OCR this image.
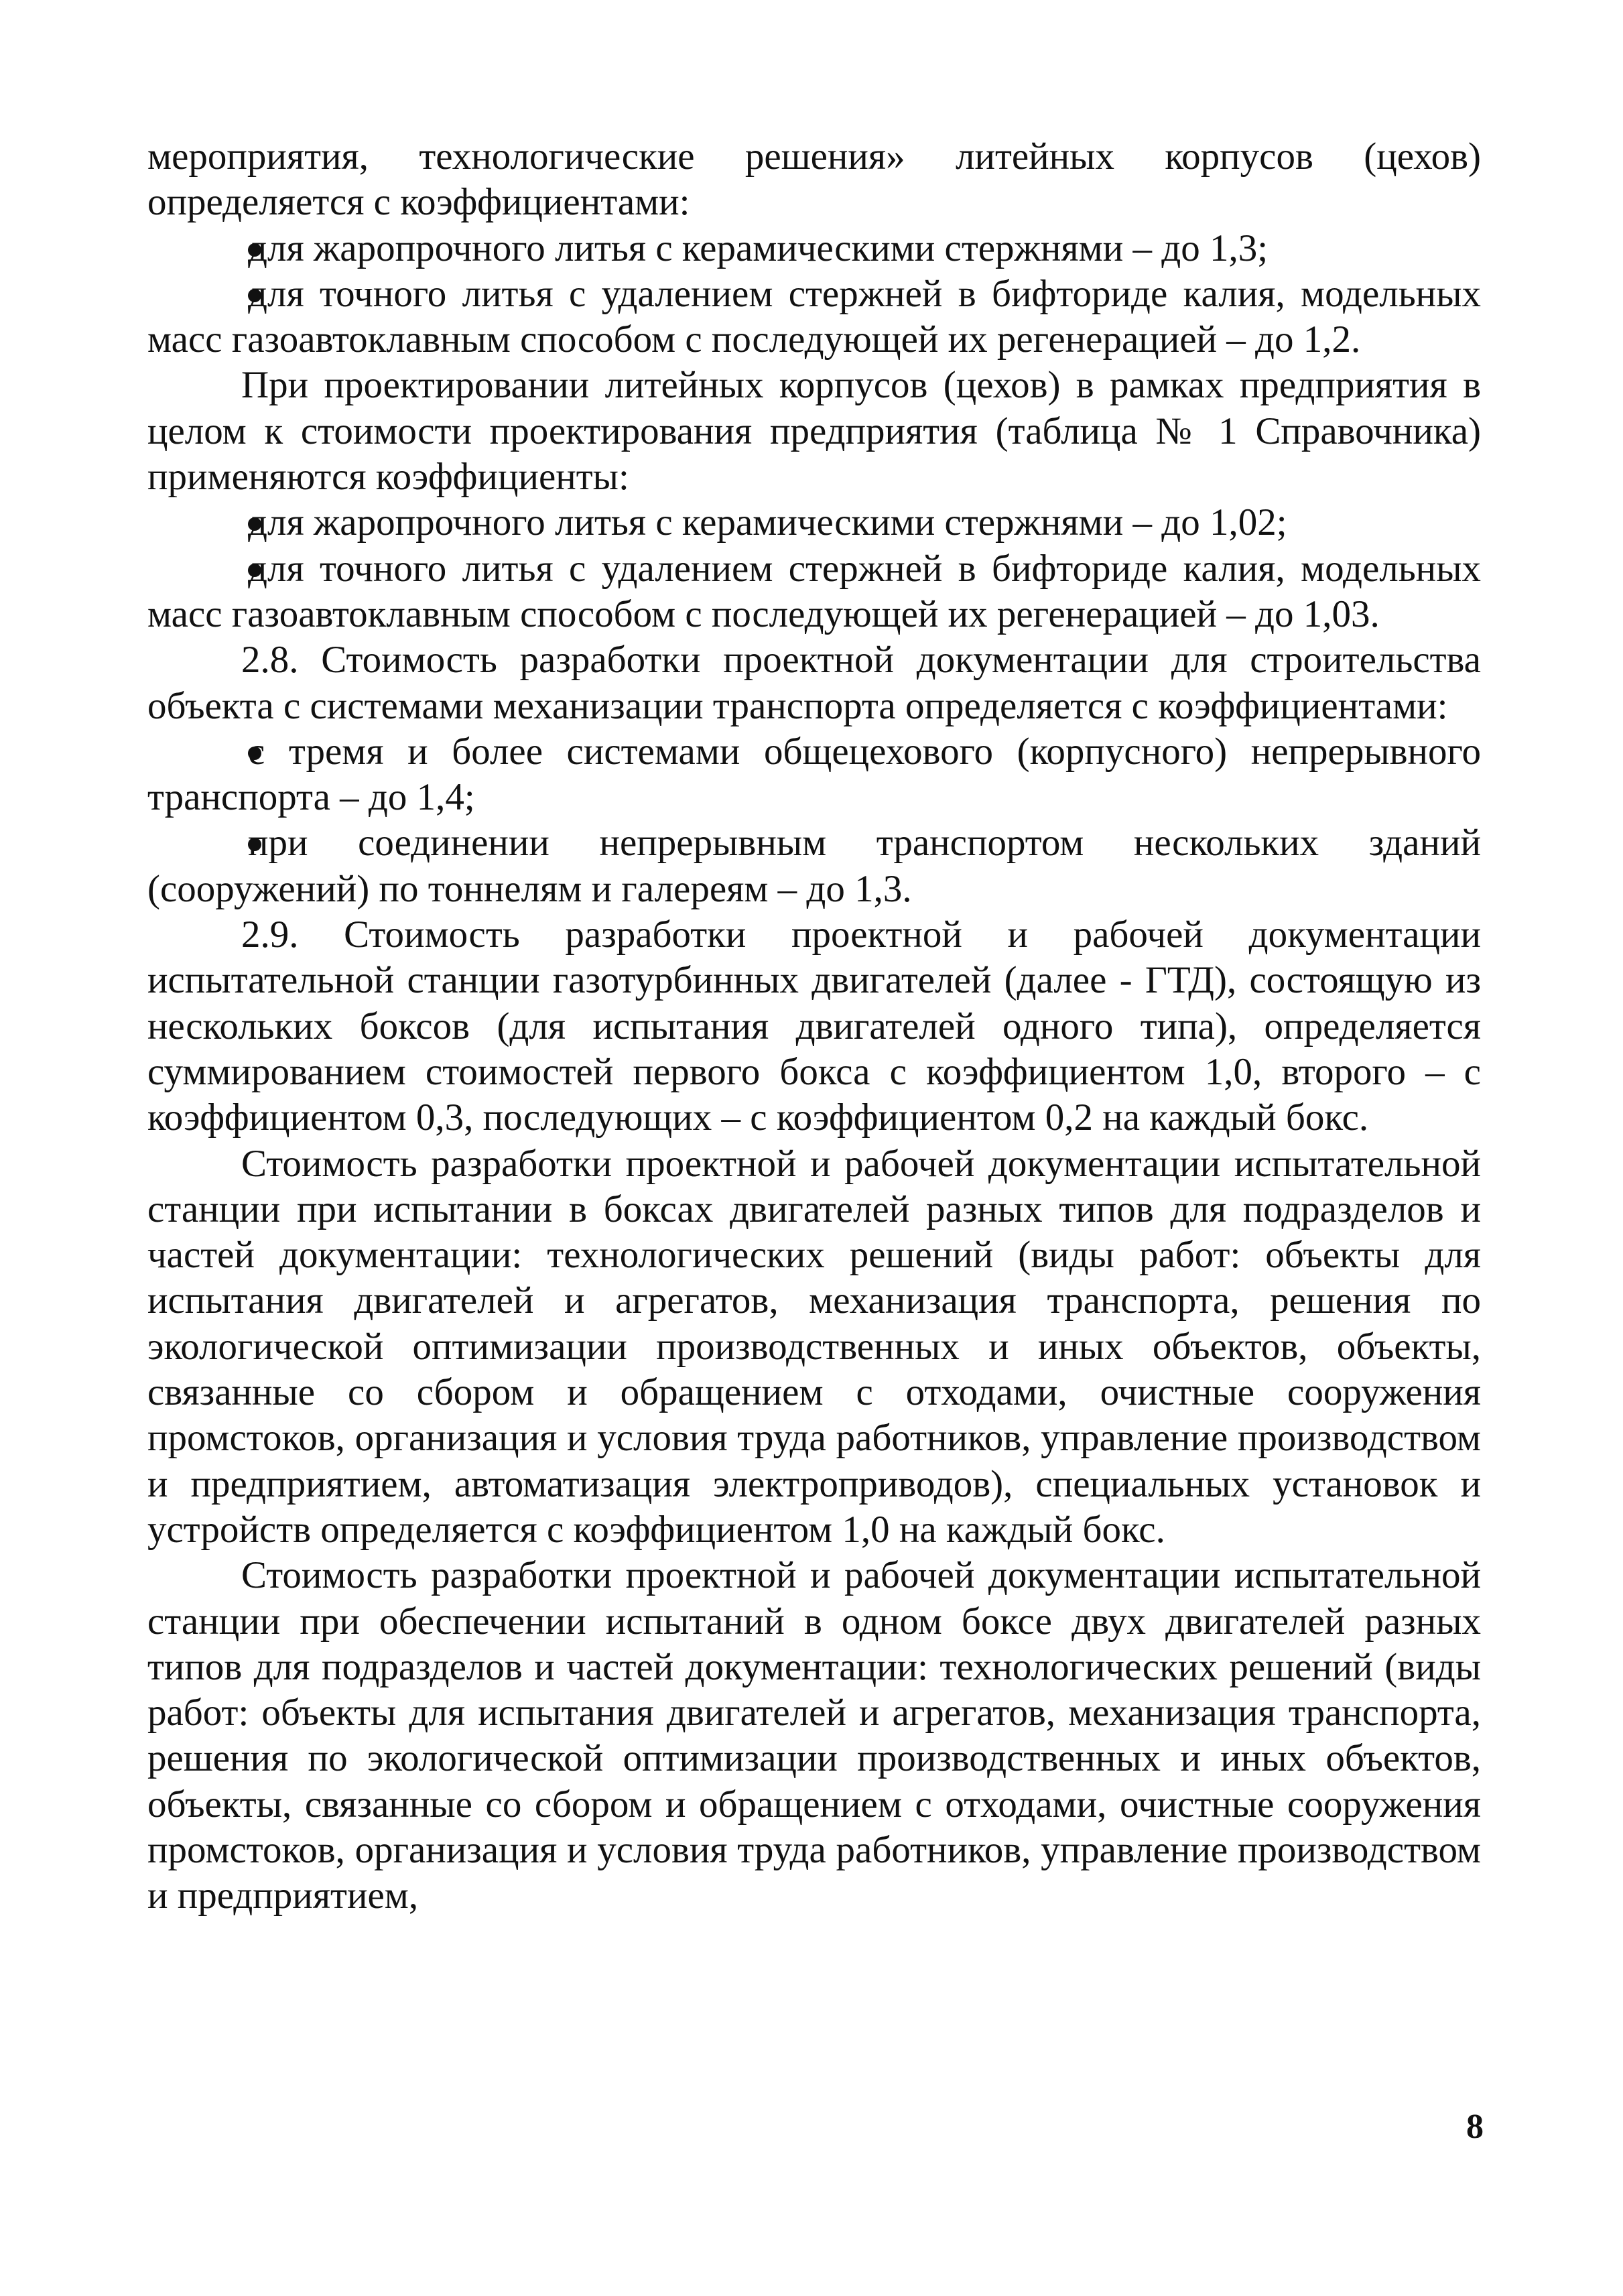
мероприятия, технологические решения» литейных корпусов (цехов) определяется с коэффициентами:

для жаропрочного литья с керамическими стержнями – до 1,3;

для точного литья с удалением стержней в бифториде калия, модельных масс газоавтоклавным способом с последующей их регенерацией – до 1,2.

При проектировании литейных корпусов (цехов) в рамках предприятия в целом к стоимости проектирования предприятия (таблица № 1 Справочника) применяются коэффициенты:

для жаропрочного литья с керамическими стержнями – до 1,02;

для точного литья с удалением стержней в бифториде калия, модельных масс газоавтоклавным способом с последующей их регенерацией – до 1,03.

2.8. Стоимость разработки проектной документации для строительства объекта с системами механизации транспорта определяется с коэффициентами:

с тремя и более системами общецехового (корпусного) непрерывного транспорта – до 1,4;

при соединении непрерывным транспортом нескольких зданий (сооружений) по тоннелям и галереям – до 1,3.

2.9. Стоимость разработки проектной и рабочей документации испытательной станции газотурбинных двигателей (далее - ГТД), состоящую из нескольких боксов (для испытания двигателей одного типа), определяется суммированием стоимостей первого бокса с коэффициентом 1,0, второго – с коэффициентом 0,3, последующих – с коэффициентом 0,2 на каждый бокс.

Стоимость разработки проектной и рабочей документации испытательной станции при испытании в боксах двигателей разных типов для подразделов и частей документации: технологических решений (виды работ: объекты для испытания двигателей и агрегатов, механизация транспорта, решения по экологической оптимизации производственных и иных объектов, объекты, связанные со сбором и обращением с отходами, очистные сооружения промстоков, организация и условия труда работников, управление производством и предприятием, автоматизация электроприводов), специальных установок и устройств определяется с коэффициентом 1,0 на каждый бокс.

Стоимость разработки проектной и рабочей документации испытательной станции при обеспечении испытаний в одном боксе двух двигателей разных типов для подразделов и частей документации: технологических решений (виды работ: объекты для испытания двигателей и агрегатов, механизация транспорта, решения по экологической оптимизации производственных и иных объектов, объекты, связанные со сбором и обращением с отходами, очистные сооружения промстоков, организация и условия труда работников, управление производством и предприятием,

8
